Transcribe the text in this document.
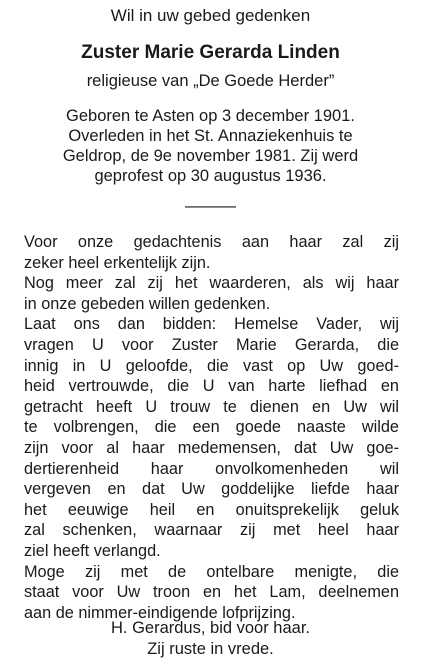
Wil in uw gebed gedenken
Zuster Marie Gerarda Linden
religieuse van „De Goede Herder”
Geboren te Asten op 3 december 1901.
Overleden in het St. Annaziekenhuis te
Geldrop, de 9e november 1981. Zij werd
geprofest op 30 augustus 1936.
———
Voor onze gedachtenis aan haar zal zij
zeker heel erkentelijk zijn.
Nog meer zal zij het waarderen, als wij haar
in onze gebeden willen gedenken.
Laat ons dan bidden: Hemelse Vader, wij
vragen U voor Zuster Marie Gerarda, die
innig in U geloofde, die vast op Uw goed-
heid vertrouwde, die U van harte liefhad en
getracht heeft U trouw te dienen en Uw wil
te volbrengen, die een goede naaste wilde
zijn voor al haar medemensen, dat Uw goe-
dertierenheid haar onvolkomenheden wil
vergeven en dat Uw goddelijke liefde haar
het eeuwige heil en onuitsprekelijk geluk
zal schenken, waarnaar zij met heel haar
ziel heeft verlangd.
Moge zij met de ontelbare menigte, die
staat voor Uw troon en het Lam, deelnemen
aan de nimmer-eindigende lofprijzing.
H. Gerardus, bid voor haar.
Zij ruste in vrede.
